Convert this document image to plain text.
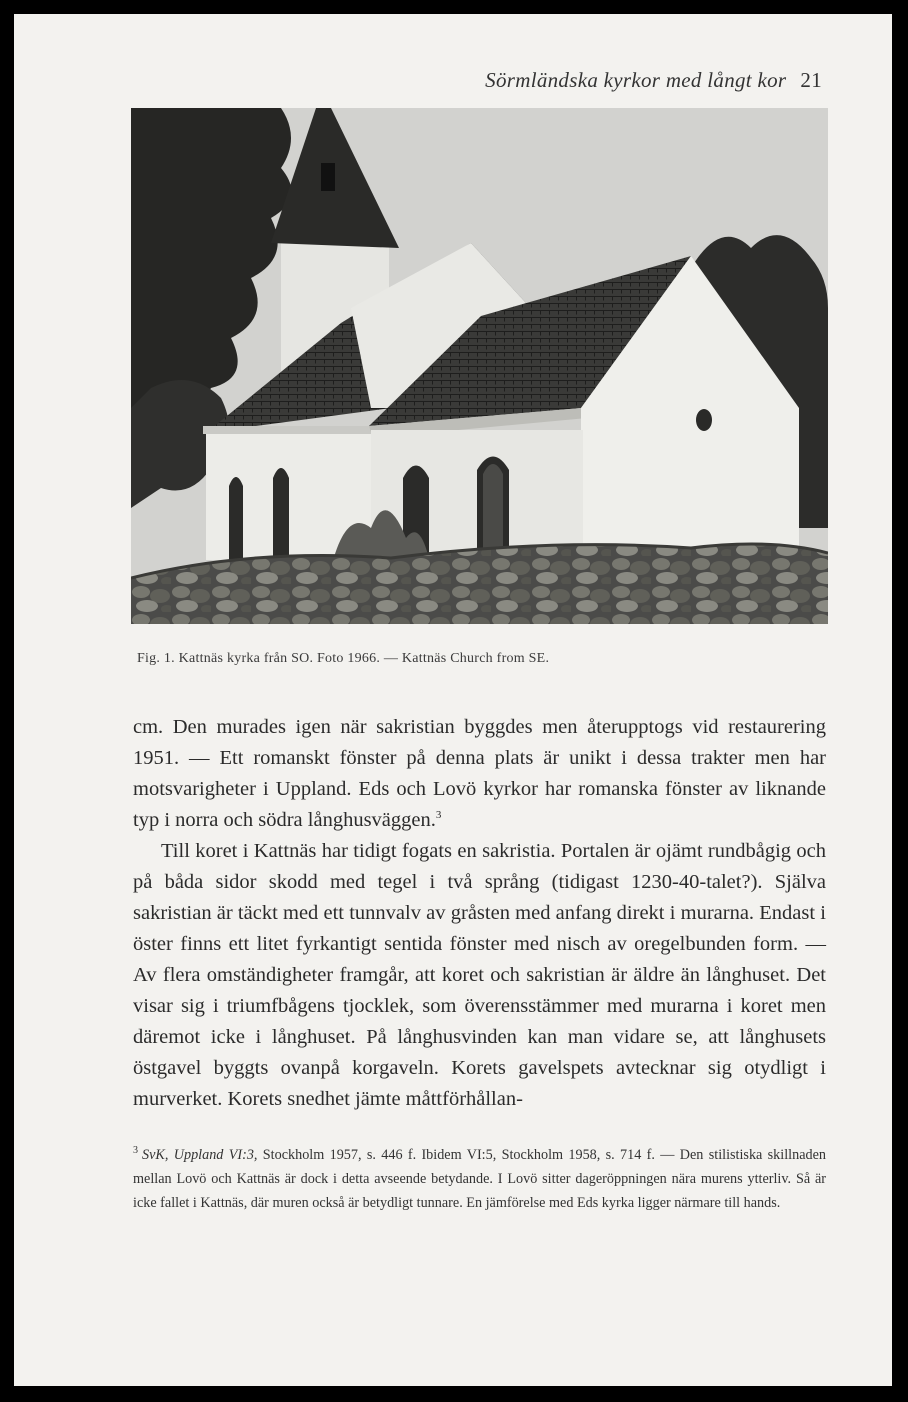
Sörmländska kyrkor med långt kor 21
Fig. 1. Kattnäs kyrka från SO. Foto 1966. — Kattnäs Church from SE.

cm. Den murades igen när sakristian byggdes men återupptogs vid restaurering 1951. — Ett romanskt fönster på denna plats är unikt i dessa trakter men har motsvarigheter i Uppland. Eds och Lovö kyrkor har romanska fönster av liknande typ i norra och södra långhusväggen.$^3$

Till koret i Kattnäs har tidigt fogats en sakristia. Portalen är ojämt rundbågig och på båda sidor skodd med tegel i två språng (tidigast 1230-40-talet?). Själva sakristian är täckt med ett tunnvalv av gråsten med anfang direkt i murarna. Endast i öster finns ett litet fyrkantigt sentida fönster med nisch av oregelbunden form. — Av flera omständigheter framgår, att koret och sakristian är äldre än långhuset. Det visar sig i triumfbågens tjocklek, som överensstämmer med murarna i koret men däremot icke i långhuset. På långhusvinden kan man vidare se, att långhusets östgavel byggts ovanpå korgaveln. Korets gavelspets avtecknar sig otydligt i murverket. Korets snedhet jämte måttförhållan-

$^3$ SvK, Uppland VI:3, Stockholm 1957, s. 446 f. Ibidem VI:5, Stockholm 1958, s. 714 f. — Den stilistiska skillnaden mellan Lovö och Kattnäs är dock i detta avseende betydande. I Lovö sitter dageröppningen nära murens ytterliv. Så är icke fallet i Kattnäs, där muren också är betydligt tunnare. En jämförelse med Eds kyrka ligger närmare till hands.
